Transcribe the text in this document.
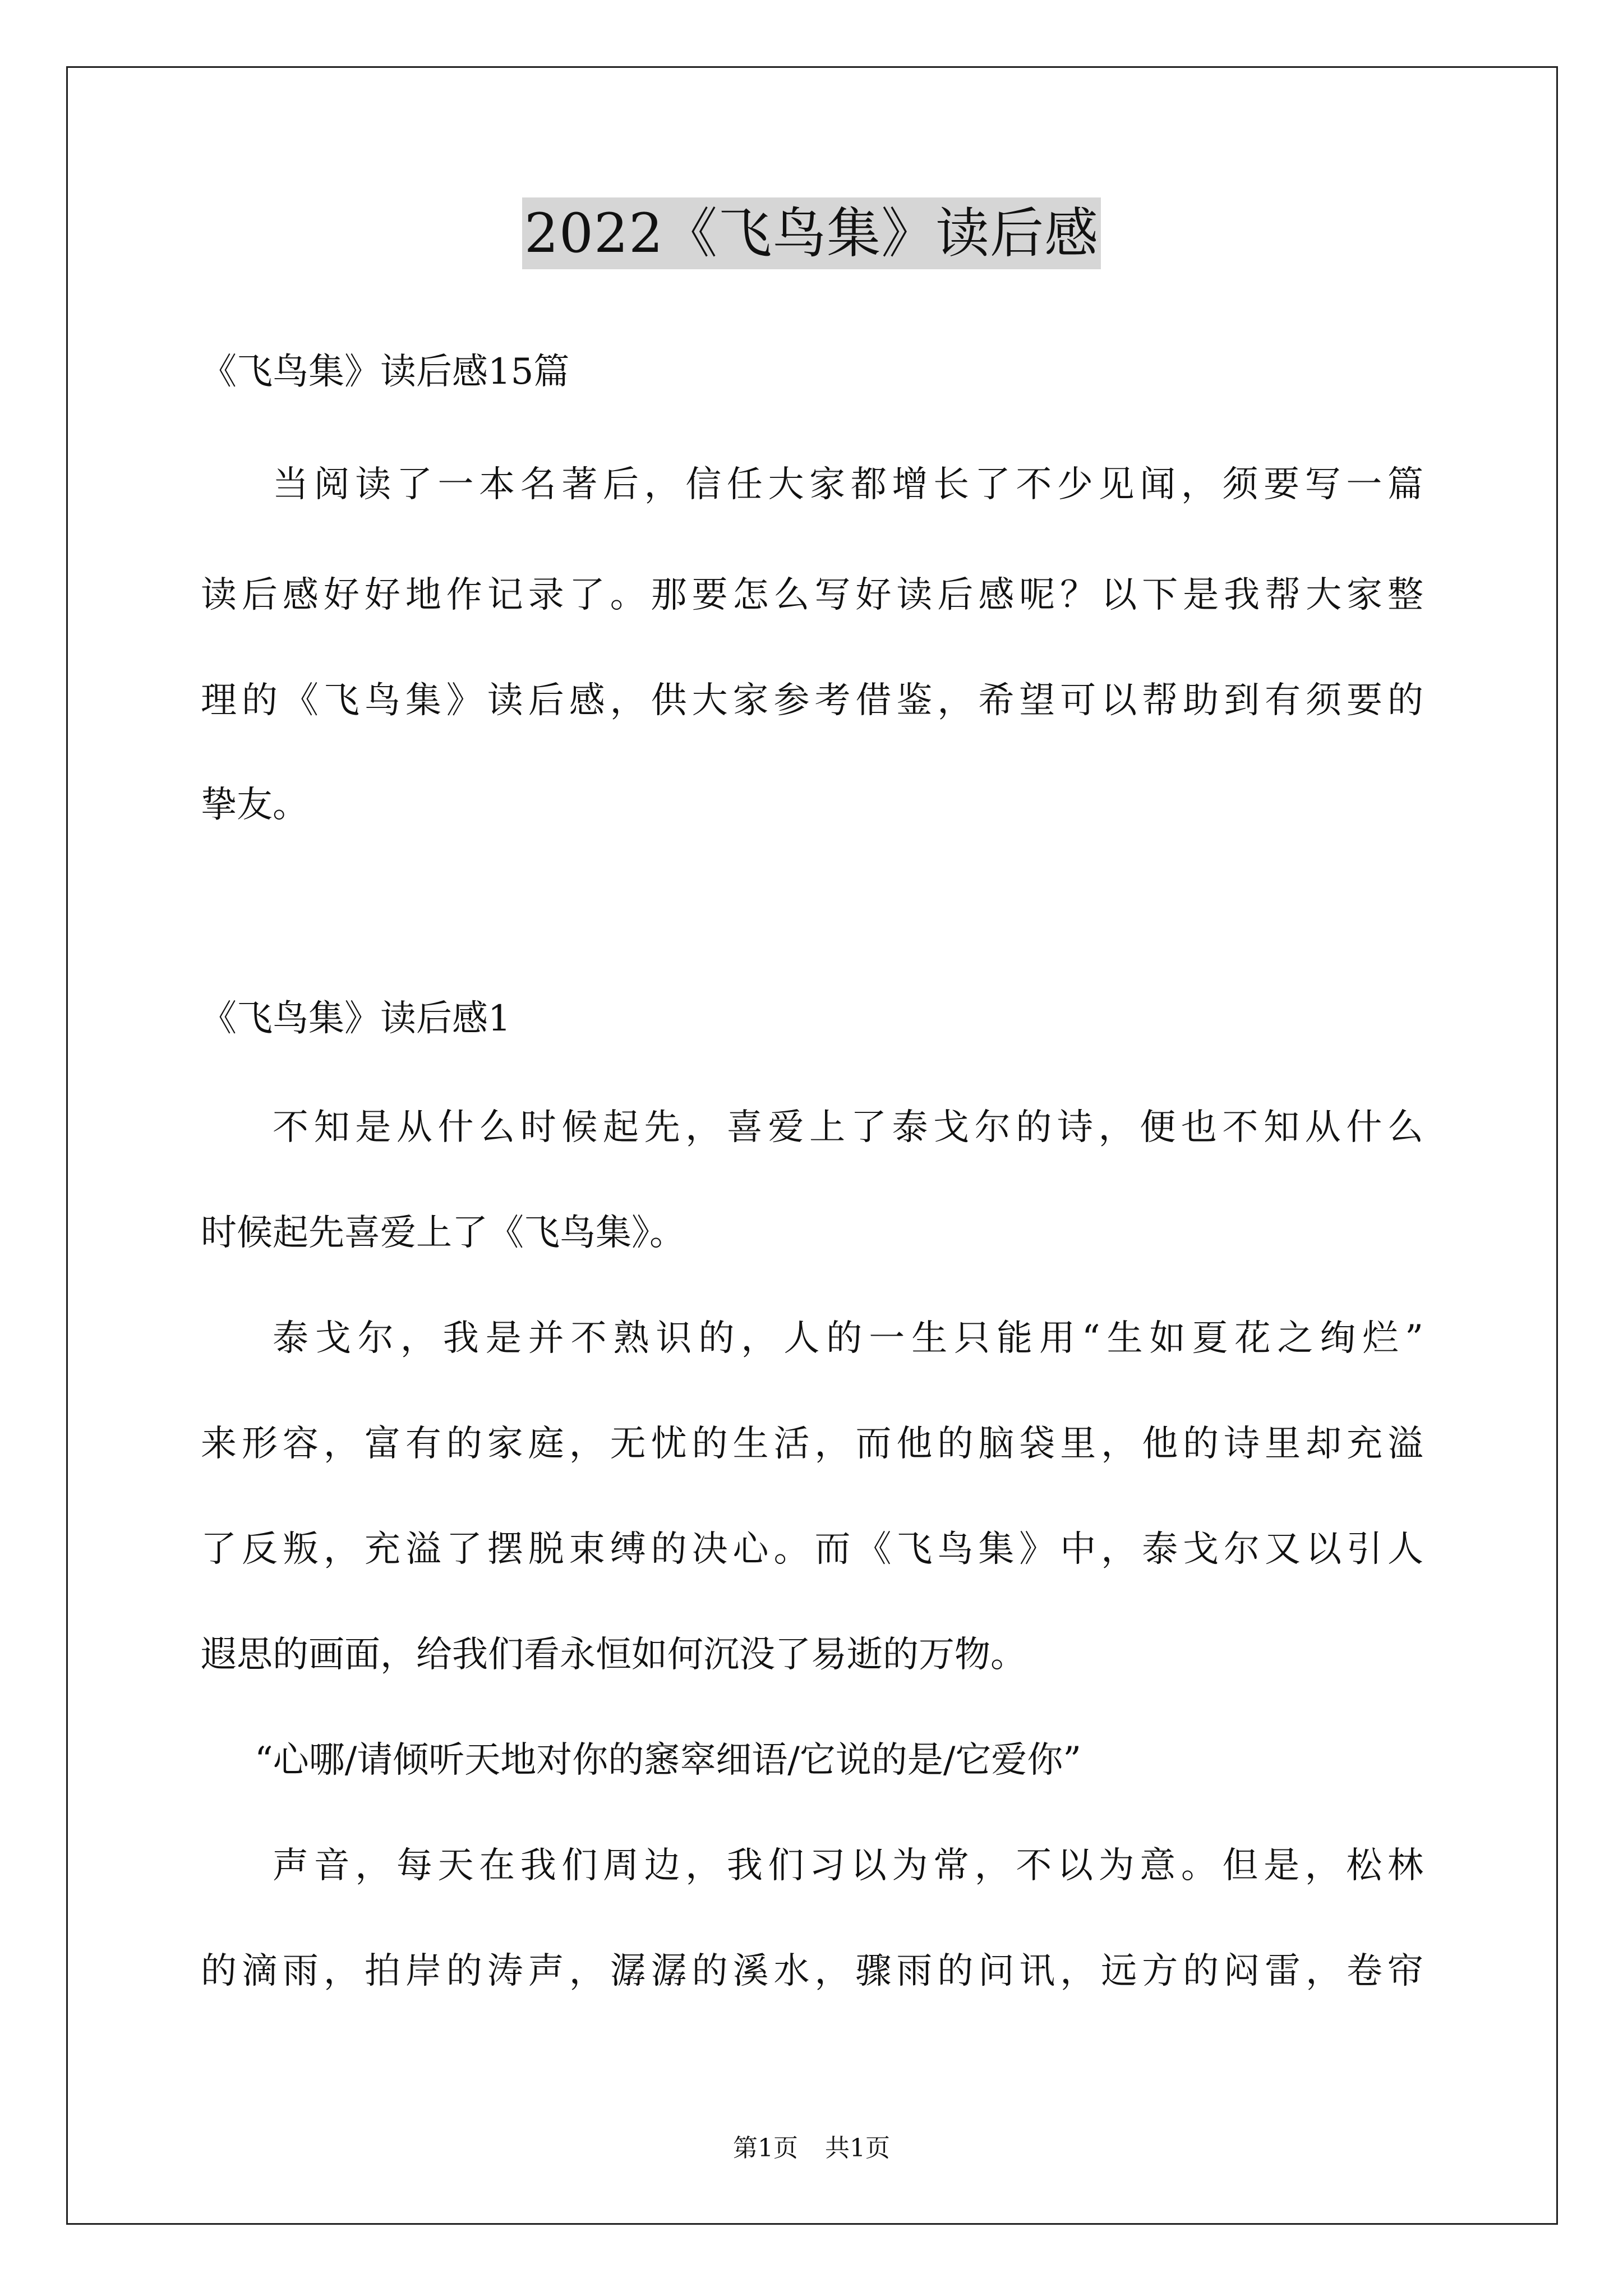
2022《飞鸟集》读后感
《飞鸟集》读后感15篇
当阅读了一本名著后，信任大家都增长了不少见闻，须要写一篇
读后感好好地作记录了。那要怎么写好读后感呢？以下是我帮大家整
理的《飞鸟集》读后感，供大家参考借鉴，希望可以帮助到有须要的
挚友。
《飞鸟集》读后感1
不知是从什么时候起先，喜爱上了泰戈尔的诗，便也不知从什么
时候起先喜爱上了《飞鸟集》。
泰戈尔，我是并不熟识的，人的一生只能用“生如夏花之绚烂”
来形容，富有的家庭，无忧的生活，而他的脑袋里，他的诗里却充溢
了反叛，充溢了摆脱束缚的决心。而《飞鸟集》中，泰戈尔又以引人
遐思的画面，给我们看永恒如何沉没了易逝的万物。
“心哪/请倾听天地对你的窸窣细语/它说的是/它爱你”
声音，每天在我们周边，我们习以为常，不以为意。但是，松林
的滴雨，拍岸的涛声，潺潺的溪水，骤雨的问讯，远方的闷雷，卷帘
第1页 共1页
